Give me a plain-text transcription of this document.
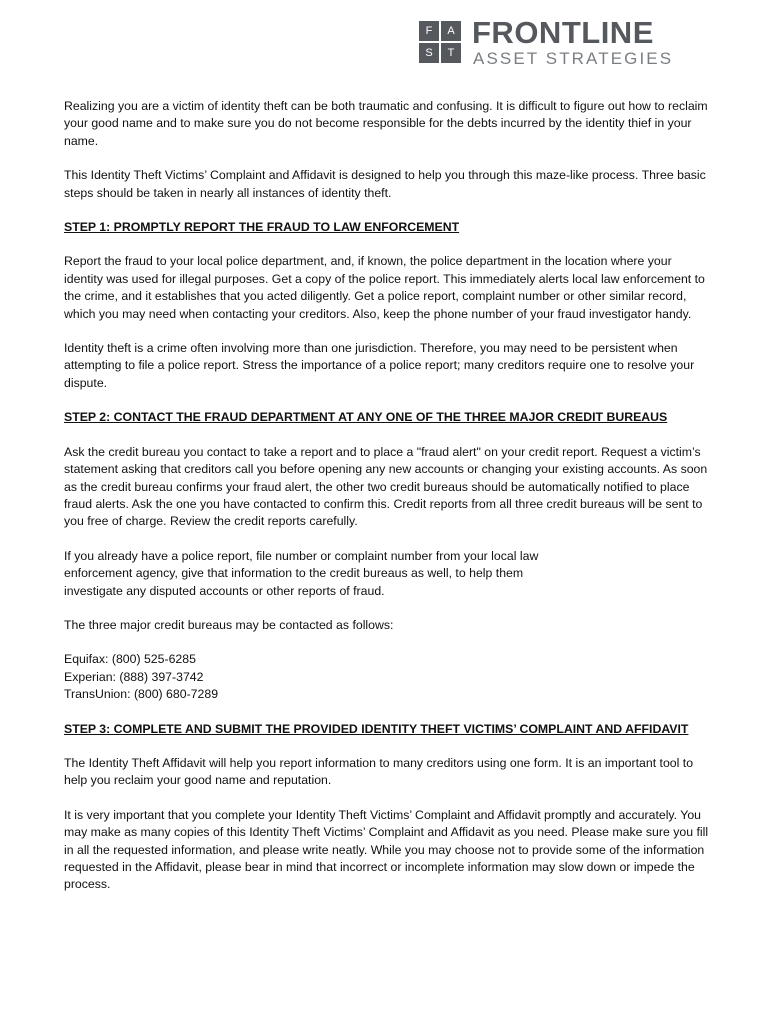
F	A
S	T
FRONTLINE
ASSET STRATEGIES

Realizing you are a victim of identity theft can be both traumatic and confusing. It is difficult to figure out how to reclaim your good name and to make sure you do not become responsible for the debts incurred by the identity thief in your name.

This Identity Theft Victims’ Complaint and Affidavit is designed to help you through this maze-like process. Three basic steps should be taken in nearly all instances of identity theft.

STEP 1: PROMPTLY REPORT THE FRAUD TO LAW ENFORCEMENT

Report the fraud to your local police department, and, if known, the police department in the location where your identity was used for illegal purposes. Get a copy of the police report. This immediately alerts local law enforcement to the crime, and it establishes that you acted diligently. Get a police report, complaint number or other similar record, which you may need when contacting your creditors. Also, keep the phone number of your fraud investigator handy.

Identity theft is a crime often involving more than one jurisdiction. Therefore, you may need to be persistent when attempting to file a police report. Stress the importance of a police report; many creditors require one to resolve your dispute.

STEP 2: CONTACT THE FRAUD DEPARTMENT AT ANY ONE OF THE THREE MAJOR CREDIT BUREAUS

Ask the credit bureau you contact to take a report and to place a "fraud alert" on your credit report. Request a victim’s statement asking that creditors call you before opening any new accounts or changing your existing accounts. As soon as the credit bureau confirms your fraud alert, the other two credit bureaus should be automatically notified to place fraud alerts. Ask the one you have contacted to confirm this. Credit reports from all three credit bureaus will be sent to you free of charge. Review the credit reports carefully.

If you already have a police report, file number or complaint number from your local law

enforcement agency, give that information to the credit bureaus as well, to help them

investigate any disputed accounts or other reports of fraud.

The three major credit bureaus may be contacted as follows:

Equifax: (800) 525-6285

Experian: (888) 397-3742

TransUnion: (800) 680-7289

STEP 3: COMPLETE AND SUBMIT THE PROVIDED IDENTITY THEFT VICTIMS’ COMPLAINT AND AFFIDAVIT

The Identity Theft Affidavit will help you report information to many creditors using one form. It is an important tool to help you reclaim your good name and reputation.

It is very important that you complete your Identity Theft Victims’ Complaint and Affidavit promptly and accurately. You may make as many copies of this Identity Theft Victims’ Complaint and Affidavit as you need. Please make sure you fill in all the requested information, and please write neatly. While you may choose not to provide some of the information requested in the Affidavit, please bear in mind that incorrect or incomplete information may slow down or impede the process.
